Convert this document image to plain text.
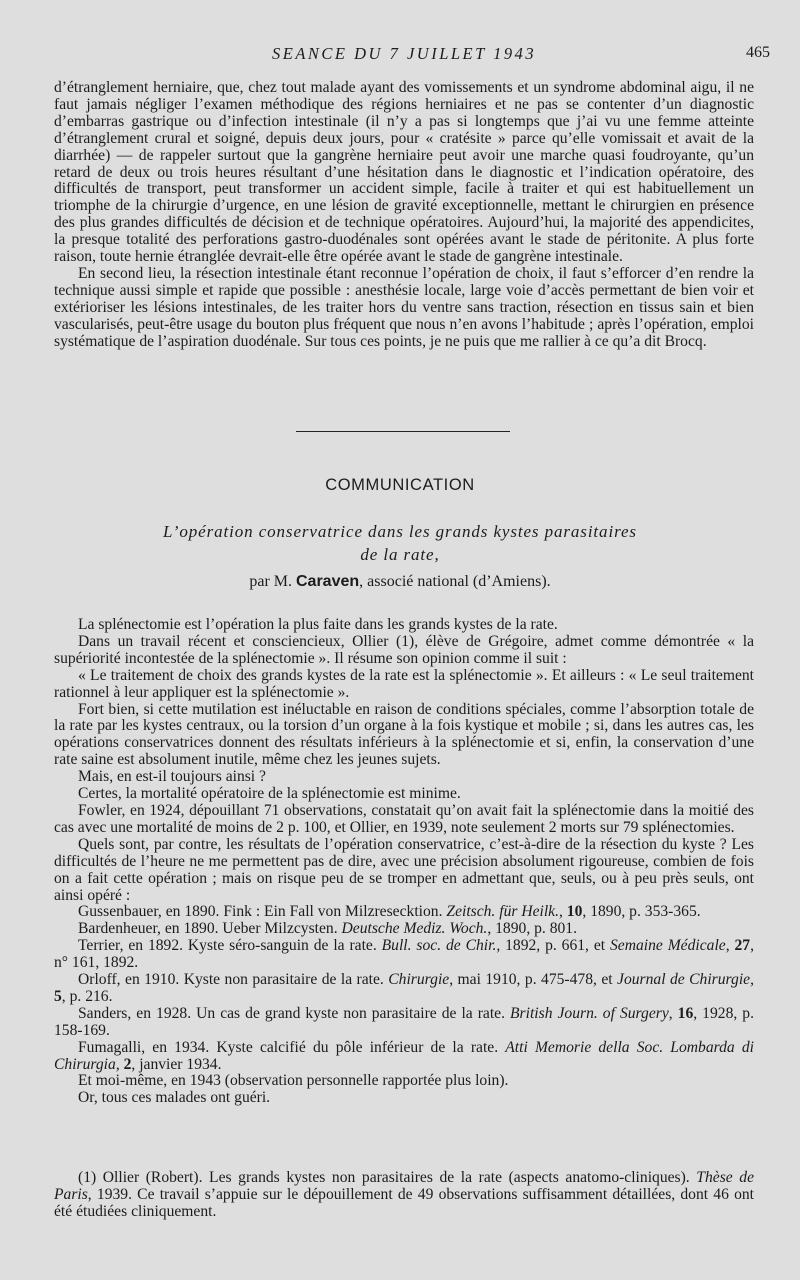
SEANCE DU 7 JUILLET 1943	465

d’étranglement herniaire, que, chez tout malade ayant des vomissements et un syndrome abdominal aigu, il ne faut jamais négliger l’examen méthodique des régions herniaires et ne pas se contenter d’un diagnostic d’embarras gastrique ou d’infection intestinale (il n’y a pas si longtemps que j’ai vu une femme atteinte d’étranglement crural et soigné, depuis deux jours, pour « cratésite » parce qu’elle vomissait et avait de la diarrhée) — de rappeler surtout que la gangrène herniaire peut avoir une marche quasi foudroyante, qu’un retard de deux ou trois heures résultant d’une hésitation dans le diagnostic et l’indication opératoire, des difficultés de transport, peut transformer un accident simple, facile à traiter et qui est habituellement un triomphe de la chirurgie d’urgence, en une lésion de gravité exceptionnelle, mettant le chirurgien en présence des plus grandes difficultés de décision et de technique opératoires. Aujourd’hui, la majorité des appendicites, la presque totalité des perforations gastro-duodénales sont opérées avant le stade de péritonite. A plus forte raison, toute hernie étranglée devrait-elle être opérée avant le stade de gangrène intestinale.

En second lieu, la résection intestinale étant reconnue l’opération de choix, il faut s’efforcer d’en rendre la technique aussi simple et rapide que possible : anesthésie locale, large voie d’accès permettant de bien voir et extérioriser les lésions intestinales, de les traiter hors du ventre sans traction, résection en tissus sain et bien vascularisés, peut-être usage du bouton plus fréquent que nous n’en avons l’habitude ; après l’opération, emploi systématique de l’aspiration duodénale. Sur tous ces points, je ne puis que me rallier à ce qu’a dit Brocq.

COMMUNICATION
L’opération conservatrice dans les grands kystes parasitaires
de la rate,
par M. Caraven, associé national (d’Amiens).

La splénectomie est l’opération la plus faite dans les grands kystes de la rate.

Dans un travail récent et consciencieux, Ollier (1), élève de Grégoire, admet comme démontrée « la supériorité incontestée de la splénectomie ». Il résume son opinion comme il suit :

« Le traitement de choix des grands kystes de la rate est la splénectomie ». Et ailleurs : « Le seul traitement rationnel à leur appliquer est la splénectomie ».

Fort bien, si cette mutilation est inéluctable en raison de conditions spéciales, comme l’absorption totale de la rate par les kystes centraux, ou la torsion d’un organe à la fois kystique et mobile ; si, dans les autres cas, les opérations conservatrices donnent des résultats inférieurs à la splénectomie et si, enfin, la conservation d’une rate saine est absolument inutile, même chez les jeunes sujets.

Mais, en est-il toujours ainsi ?

Certes, la mortalité opératoire de la splénectomie est minime.

Fowler, en 1924, dépouillant 71 observations, constatait qu’on avait fait la splénectomie dans la moitié des cas avec une mortalité de moins de 2 p. 100, et Ollier, en 1939, note seulement 2 morts sur 79 splénectomies.

Quels sont, par contre, les résultats de l’opération conservatrice, c’est-à-dire de la résection du kyste ? Les difficultés de l’heure ne me permettent pas de dire, avec une précision absolument rigoureuse, combien de fois on a fait cette opération ; mais on risque peu de se tromper en admettant que, seuls, ou à peu près seuls, ont ainsi opéré :

Gussenbauer, en 1890. Fink : Ein Fall von Milzresecktion. Zeitsch. für Heilk., 10, 1890, p. 353-365.

Bardenheuer, en 1890. Ueber Milzcysten. Deutsche Mediz. Woch., 1890, p. 801.

Terrier, en 1892. Kyste séro-sanguin de la rate. Bull. soc. de Chir., 1892, p. 661, et Semaine Médicale, 27, n° 161, 1892.

Orloff, en 1910. Kyste non parasitaire de la rate. Chirurgie, mai 1910, p. 475-478, et Journal de Chirurgie, 5, p. 216.

Sanders, en 1928. Un cas de grand kyste non parasitaire de la rate. British Journ. of Surgery, 16, 1928, p. 158-169.

Fumagalli, en 1934. Kyste calcifié du pôle inférieur de la rate. Atti Memorie della Soc. Lombarda di Chirurgia, 2, janvier 1934.

Et moi-même, en 1943 (observation personnelle rapportée plus loin).

Or, tous ces malades ont guéri.

(1) Ollier (Robert). Les grands kystes non parasitaires de la rate (aspects anatomo-cliniques). Thèse de Paris, 1939. Ce travail s’appuie sur le dépouillement de 49 observations suffisamment détaillées, dont 46 ont été étudiées cliniquement.
